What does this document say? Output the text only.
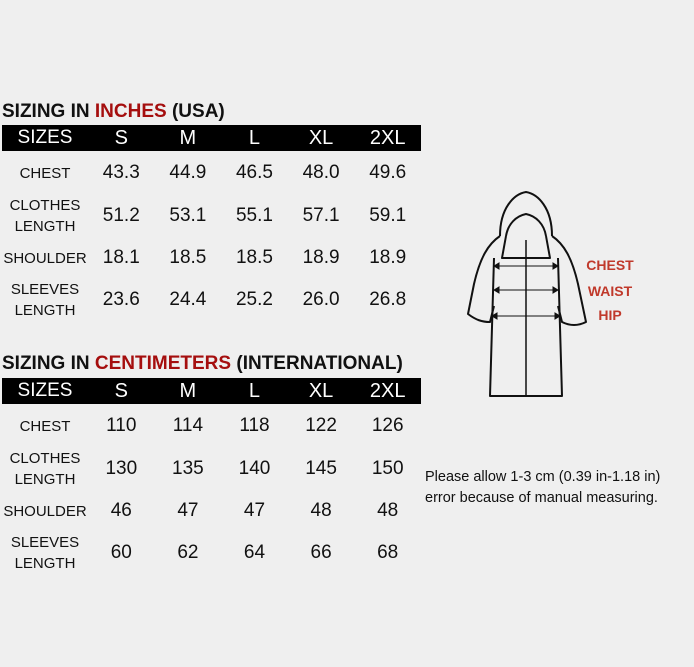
SIZING IN INCHES (USA)
SIZES	S	M	L	XL	2XL
CHEST	43.3	44.9	46.5	48.0	49.6
CLOTHES
LENGTH	51.2	53.1	55.1	57.1	59.1
SHOULDER	18.1	18.5	18.5	18.9	18.9
SLEEVES
LENGTH	23.6	24.4	25.2	26.0	26.8
SIZING IN CENTIMETERS (INTERNATIONAL)
SIZES	S	M	L	XL	2XL
CHEST	110	114	118	122	126
CLOTHES
LENGTH	130	135	140	145	150
SHOULDER	46	47	47	48	48
SLEEVES
LENGTH	60	62	64	66	68
CHEST
WAIST
HIP
Please allow 1-3 cm (0.39 in-1.18 in)
error because of manual measuring.
